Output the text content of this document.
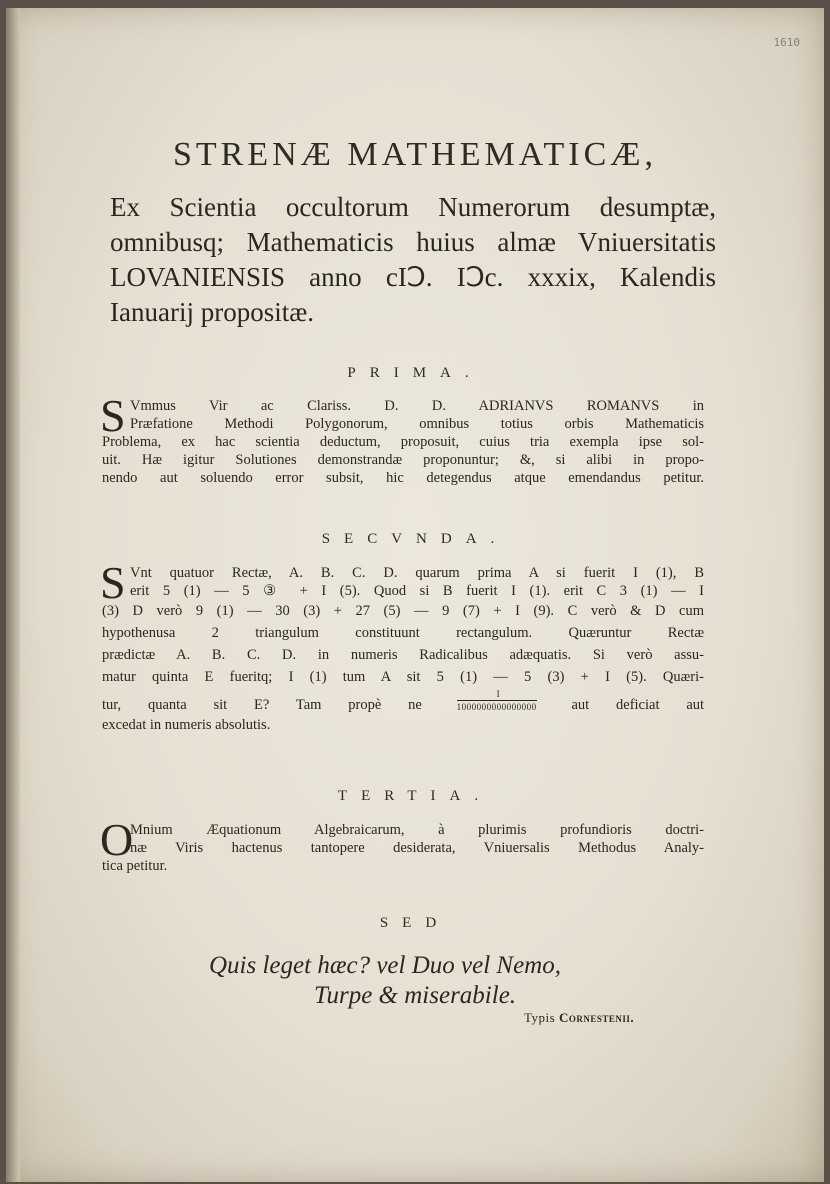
1610
STRENÆ MATHEMATICÆ,
Ex Scientia occultorum Numerorum desumptæ,
omnibusq; Mathematicis huius almæ Vniuersitatis
LOVANIENSIS anno cIↃ. IↃc. xxxix, Kalendis
Ianuarij propositæ.
PRIMA.
S Vmmus Vir ac Clariss. D. D. ADRIANVS ROMANVS in
Præfatione Methodi Polygonorum, omnibus totius orbis Mathematicis
Problema, ex hac scientia deductum, proposuit, cuius tria exempla ipse sol-
uit. Hæ igitur Solutiones demonstrandæ proponuntur; &, si alibi in propo-
nendo aut soluendo error subsit, hic detegendus atque emendandus petitur.
SECVNDA.
S Vnt quatuor Rectæ, A. B. C. D. quarum prima A si fuerit I (1), B
erit 5 (1) — 5 ③ + I (5). Quod si B fuerit I (1). erit C 3 (1) — I
(3) D verò 9 (1) — 30 (3) + 27 (5) — 9 (7) + I (9). C verò & D cum
hypothenusa 2 triangulum constituunt rectangulum. Quæruntur Rectæ
prædictæ A. B. C. D. in numeris Radicalibus adæquatis. Si verò assu-
matur quinta E fueritq; I (1) tum A sit 5 (1) — 5 (3) + I (5). Quæri-
tur, quanta sit E? Tam propè ne
I
1000000000000000 aut deficiat aut
excedat in numeris absolutis.
TERTIA.
O
Mnium Æquationum Algebraicarum, à plurimis profundioris doctri-
næ Viris hactenus tantopere desiderata, Vniuersalis Methodus Analy-
tica petitur.
SED
Quis leget hæc? vel Duo vel Nemo,
Turpe & miserabile.
Typis Cornestenii.
